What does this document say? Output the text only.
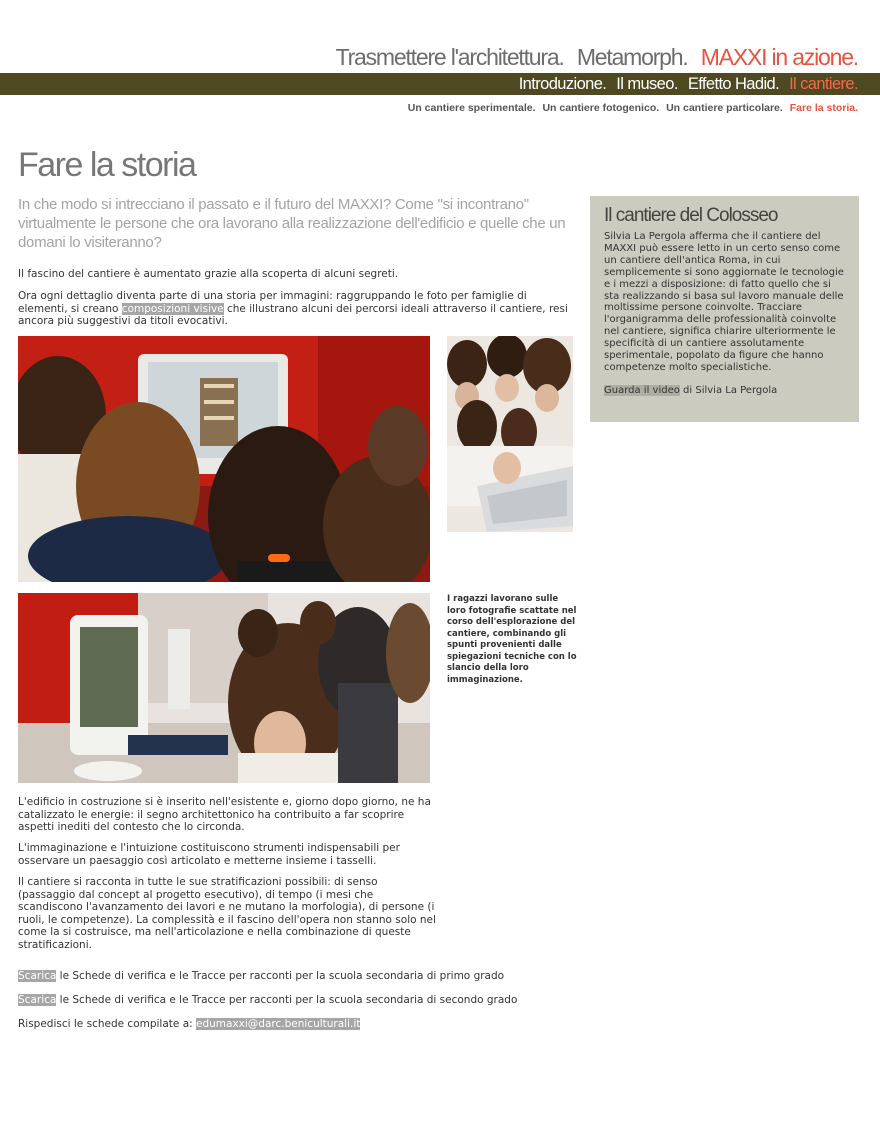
Trasmettere l'architettura. Metamorph. MAXXI in azione.
Introduzione. Il museo. Effetto Hadid. Il cantiere.
Un cantiere sperimentale. Un cantiere fotogenico. Un cantiere particolare. Fare la storia.
Fare la storia

In che modo si intrecciano il passato e il futuro del MAXXI? Come "si incontrano" virtualmente le persone che ora lavorano alla realizzazione dell'edificio e quelle che un domani lo visiteranno?

Il fascino del cantiere è aumentato grazie alla scoperta di alcuni segreti.

Ora ogni dettaglio diventa parte di una storia per immagini: raggruppando le foto per famiglie di elementi, si creano composizioni visive che illustrano alcuni dei percorsi ideali attraverso il cantiere, resi ancora più suggestivi da titoli evocativi.

I ragazzi lavorano sulle loro fotografie scattate nel corso dell'esplorazione del cantiere, combinando gli spunti provenienti dalle spiegazioni tecniche con lo slancio della loro immaginazione.

L'edificio in costruzione si è inserito nell'esistente e, giorno dopo giorno, ne ha catalizzato le energie: il segno architettonico ha contribuito a far scoprire aspetti inediti del contesto che lo circonda.

L'immaginazione e l'intuizione costituiscono strumenti indispensabili per osservare un paesaggio così articolato e metterne insieme i tasselli.

Il cantiere si racconta in tutte le sue stratificazioni possibili: di senso (passaggio dal concept al progetto esecutivo), di tempo (i mesi che scandiscono l'avanzamento dei lavori e ne mutano la morfologia), di persone (i ruoli, le competenze). La complessità e il fascino dell'opera non stanno solo nel come la si costruisce, ma nell'articolazione e nella combinazione di queste stratificazioni.

Scarica le Schede di verifica e le Tracce per racconti per la scuola secondaria di primo grado

Scarica le Schede di verifica e le Tracce per racconti per la scuola secondaria di secondo grado

Rispedisci le schede compilate a: edumaxxi@darc.beniculturali.it

Il cantiere del Colosseo

Silvia La Pergola afferma che il cantiere del MAXXI può essere letto in un certo senso come un cantiere dell'antica Roma, in cui semplicemente si sono aggiornate le tecnologie e i mezzi a disposizione: di fatto quello che si sta realizzando si basa sul lavoro manuale delle moltissime persone coinvolte. Tracciare l'organigramma delle professionalità coinvolte nel cantiere, significa chiarire ulteriormente le specificità di un cantiere assolutamente sperimentale, popolato da figure che hanno competenze molto specialistiche.

Guarda il video di Silvia La Pergola
